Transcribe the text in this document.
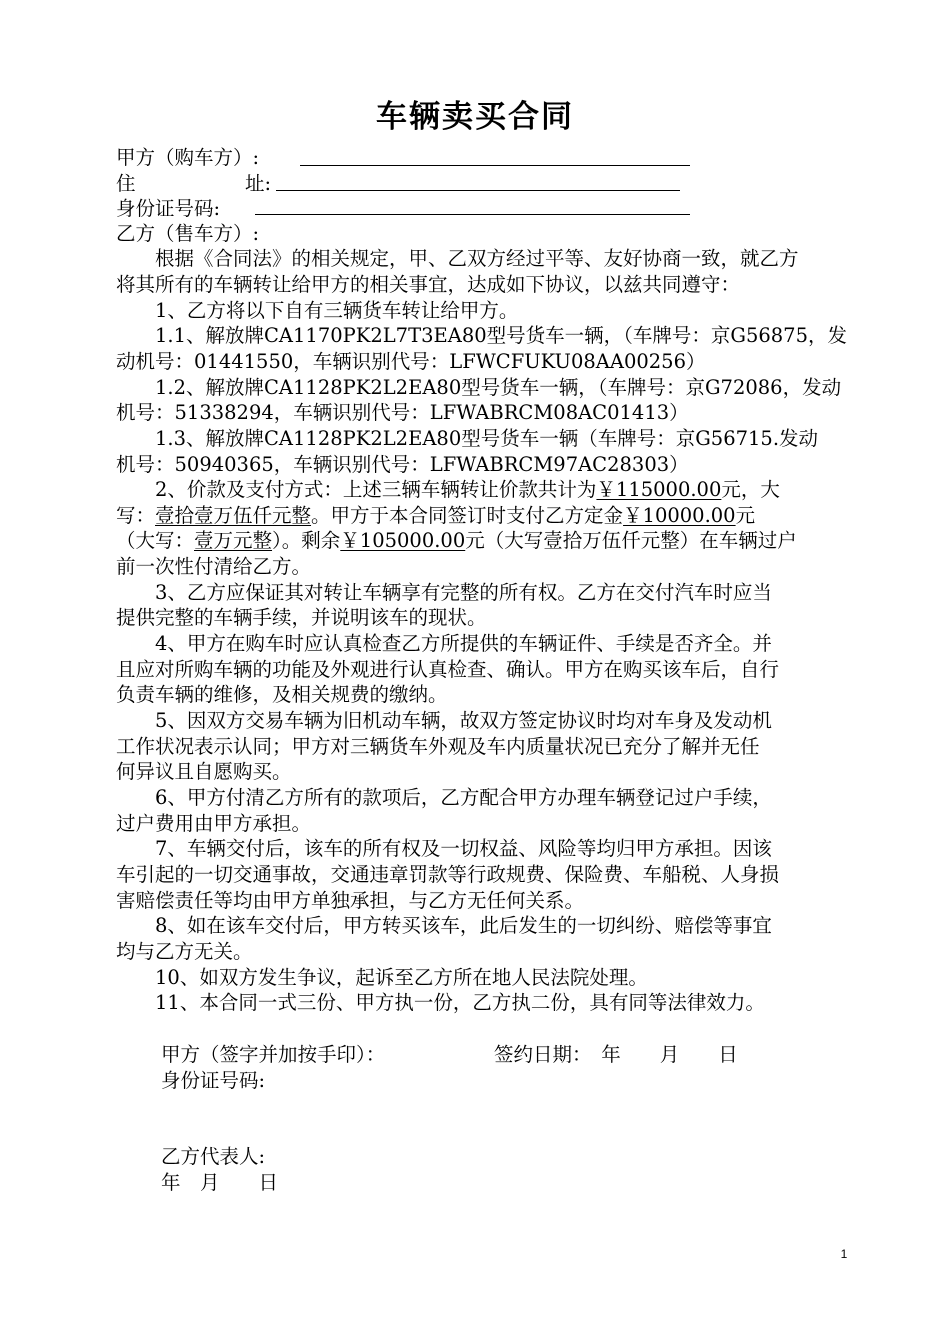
车辆卖买合同
甲方（购车方）:
住	址:
身份证号码:
乙方（售车方）:
　　根据《合同法》的相关规定，甲、乙双方经过平等、友好协商一致，就乙方
将其所有的车辆转让给甲方的相关事宜，达成如下协议，以兹共同遵守：
　　1、乙方将以下自有三辆货车转让给甲方。
　　1.1、解放牌CA1170PK2L7T3EA80型号货车一辆，（车牌号：京G56875，发
动机号：01441550，车辆识别代号：LFWCFUKU08AA00256）
　　1.2、解放牌CA1128PK2L2EA80型号货车一辆，（车牌号：京G72086，发动
机号：51338294，车辆识别代号：LFWABRCM08AC01413）
　　1.3、解放牌CA1128PK2L2EA80型号货车一辆（车牌号：京G56715.发动
机号：50940365，车辆识别代号：LFWABRCM97AC28303）
　　2、价款及支付方式：上述三辆车辆转让价款共计为￥115000.00元，大
写：壹拾壹万伍仟元整。甲方于本合同签订时支付乙方定金￥10000.00元
（大写：壹万元整）。剩余￥105000.00元（大写壹拾万伍仟元整）在车辆过户
前一次性付清给乙方。
　　3、乙方应保证其对转让车辆享有完整的所有权。乙方在交付汽车时应当
提供完整的车辆手续，并说明该车的现状。
　　4、甲方在购车时应认真检查乙方所提供的车辆证件、手续是否齐全。并
且应对所购车辆的功能及外观进行认真检查、确认。甲方在购买该车后，自行
负责车辆的维修，及相关规费的缴纳。
　　5、因双方交易车辆为旧机动车辆，故双方签定协议时均对车身及发动机
工作状况表示认同；甲方对三辆货车外观及车内质量状况已充分了解并无任
何异议且自愿购买。
　　6、甲方付清乙方所有的款项后，乙方配合甲方办理车辆登记过户手续，
过户费用由甲方承担。
　　7、车辆交付后，该车的所有权及一切权益、风险等均归甲方承担。因该
车引起的一切交通事故，交通违章罚款等行政规费、保险费、车船税、人身损
害赔偿责任等均由甲方单独承担，与乙方无任何关系。
　　8、如在该车交付后，甲方转买该车，此后发生的一切纠纷、赔偿等事宜
均与乙方无关。
　　10、如双方发生争议，起诉至乙方所在地人民法院处理。
　　11、本合同一式三份、甲方执一份，乙方执二份，具有同等法律效力。
甲方（签字并加按手印）：	签约日期：　年　　月　　日
身份证号码:
乙方代表人:
年　月　　日
1
